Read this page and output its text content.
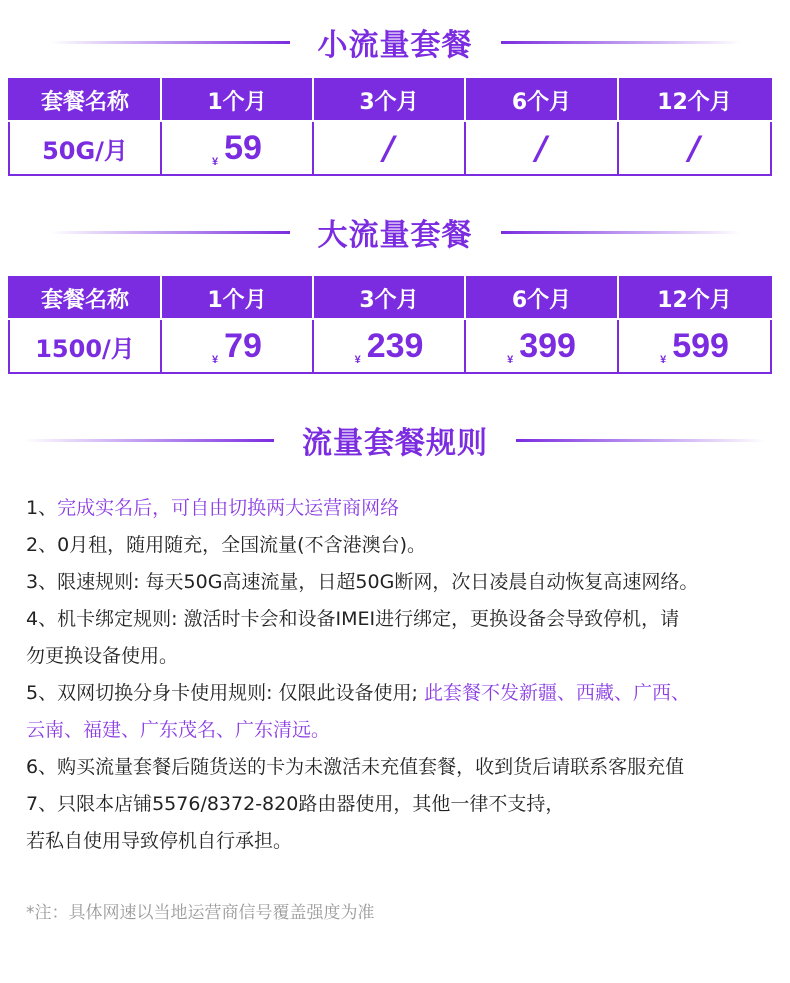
小流量套餐
套餐名称	1个月	3个月	6个月	12个月
50G/月	$_¥$ 59	/	/	/
大流量套餐
套餐名称	1个月	3个月	6个月	12个月
1500/月	$_¥$ 79	$_¥$ 239	$_¥$ 399	$_¥$ 599
流量套餐规则

1、完成实名后，可自由切换两大运营商网络

2、0月租，随用随充，全国流量(不含港澳台)。

3、限速规则: 每天50G高速流量，日超50G断网，次日凌晨自动恢复高速网络。

4、机卡绑定规则: 激活时卡会和设备IMEI进行绑定，更换设备会导致停机，请

勿更换设备使用。

5、双网切换分身卡使用规则: 仅限此设备使用; 此套餐不发新疆、西藏、广西、

云南、福建、广东茂名、广东清远。

6、购买流量套餐后随货送的卡为未激活未充值套餐，收到货后请联系客服充值

7、只限本店铺5576/8372-820路由器使用，其他一律不支持，

若私自使用导致停机自行承担。

*注：具体网速以当地运营商信号覆盖强度为准
